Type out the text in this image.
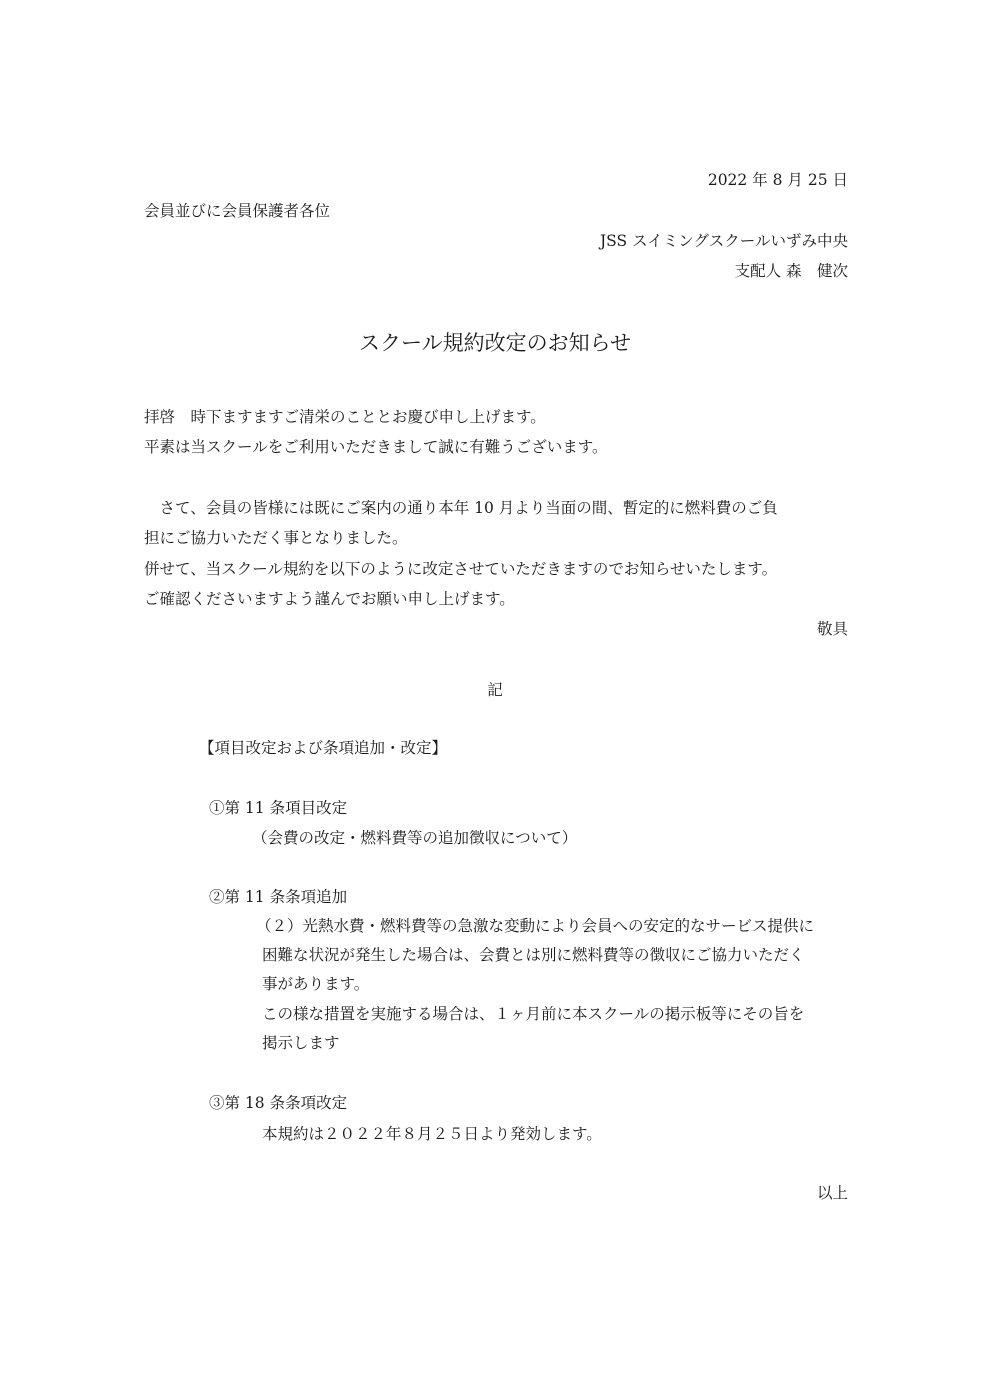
2022 年 8 月 25 日
会員並びに会員保護者各位
JSS スイミングスクールいずみ中央
支配人 森　健次
スクール規約改定のお知らせ
拝啓　時下ますますご清栄のこととお慶び申し上げます。
平素は当スクールをご利用いただきまして誠に有難うございます。
　さて、会員の皆様には既にご案内の通り本年 10 月より当面の間、暫定的に燃料費のご負
担にご協力いただく事となりました。
併せて、当スクール規約を以下のように改定させていただきますのでお知らせいたします。
ご確認くださいますよう謹んでお願い申し上げます。
敬具
記
【項目改定および条項追加・改定】
①第 11 条項目改定
（会費の改定・燃料費等の追加徴収について）
②第 11 条条項追加
（２）光熱水費・燃料費等の急激な変動により会員への安定的なサービス提供に
困難な状況が発生した場合は、会費とは別に燃料費等の徴収にご協力いただく
事があります。
この様な措置を実施する場合は、１ヶ月前に本スクールの掲示板等にその旨を
掲示します
③第 18 条条項改定
本規約は２０２２年８月２５日より発効します。
以上
